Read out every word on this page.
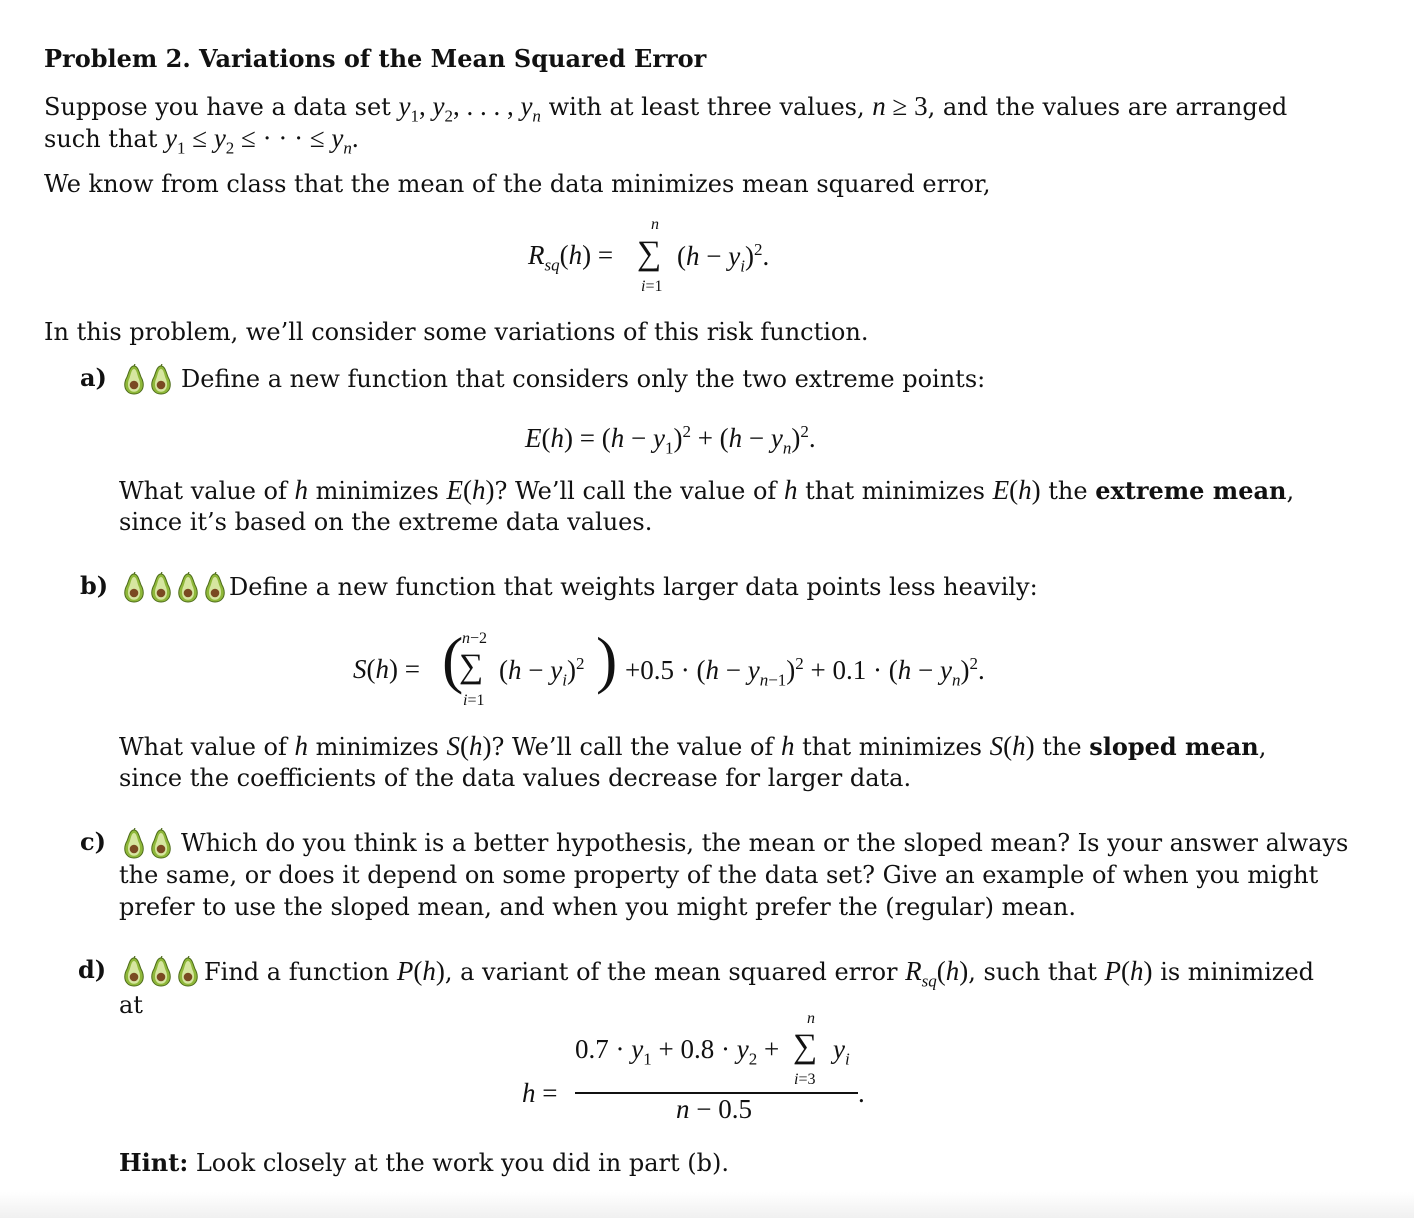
Problem 2. Variations of the Mean Squared Error
Suppose you have a data set $y_1$, $y_2$, . . . , $y_n$ with at least three values, n ≥ 3, and the values are arranged
such that $y_1 \le y_2$ ≤ · · · ≤ $y_n$.
We know from class that the mean of the data minimizes mean squared error,
$R_{sq}(h)$ =
n
∑
i=1
$(h - y_i)^2$.
In this problem, we’ll consider some variations of this risk function.
a)	Define a new function that considers only the two extreme points:
$E(h) = (h - y_1)^2 + (h - y_n)^2$.
What value of h minimizes E(h)? We’ll call the value of h that minimizes E(h) the extreme mean,
since it’s based on the extreme data values.
b)	Define a new function that weights larger data points less heavily:
S(h) = (
n−2
∑
i=1
$(h - y_i)^2$ ) $+0.5 \cdot (h - y_{n-1})^2 + 0.1 \cdot (h - y_n)^2$.
What value of h minimizes S(h)? We’ll call the value of h that minimizes S(h) the sloped mean,
since the coefficients of the data values decrease for larger data.
c)	Which do you think is a better hypothesis, the mean or the sloped mean? Is your answer always
the same, or does it depend on some property of the data set? Give an example of when you might
prefer to use the sloped mean, and when you might prefer the (regular) mean.
d)	Find a function P(h), a variant of the mean squared error $R_{sq}(h)$, such that P(h) is minimized
at
h =
$0.7 \cdot y_1 + 0.8 \cdot y_2$ +
n
∑
i=3
$y_i$
.
n − 0.5
Hint: Look closely at the work you did in part (b).
